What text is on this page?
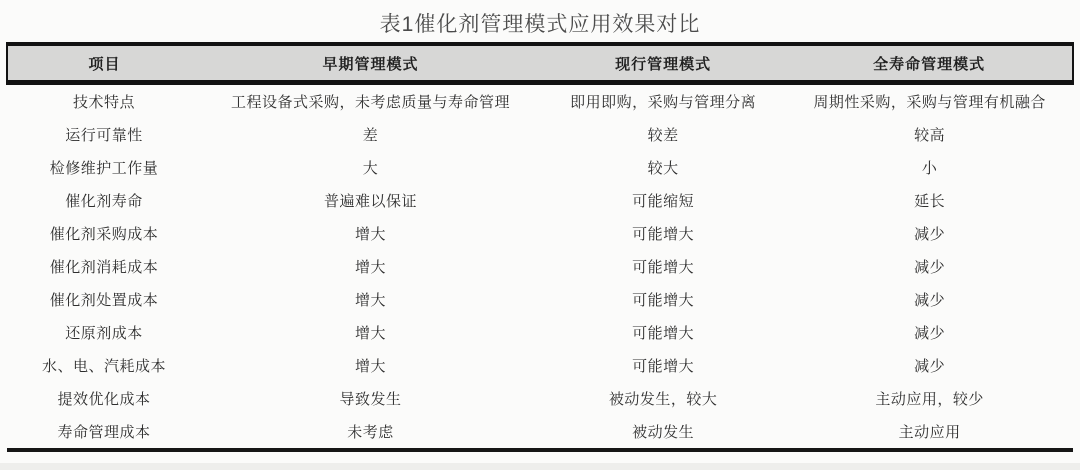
表1催化剂管理模式应用效果对比
项目	早期管理模式	现行管理模式	全寿命管理模式
技术特点	工程设备式采购，未考虑质量与寿命管理	即用即购，采购与管理分离	周期性采购，采购与管理有机融合
运行可靠性	差	较差	较高
检修维护工作量	大	较大	小
催化剂寿命	普遍难以保证	可能缩短	延长
催化剂采购成本	增大	可能增大	减少
催化剂消耗成本	增大	可能增大	减少
催化剂处置成本	增大	可能增大	减少
还原剂成本	增大	可能增大	减少
水、电、汽耗成本	增大	可能增大	减少
提效优化成本	导致发生	被动发生，较大	主动应用，较少
寿命管理成本	未考虑	被动发生	主动应用
